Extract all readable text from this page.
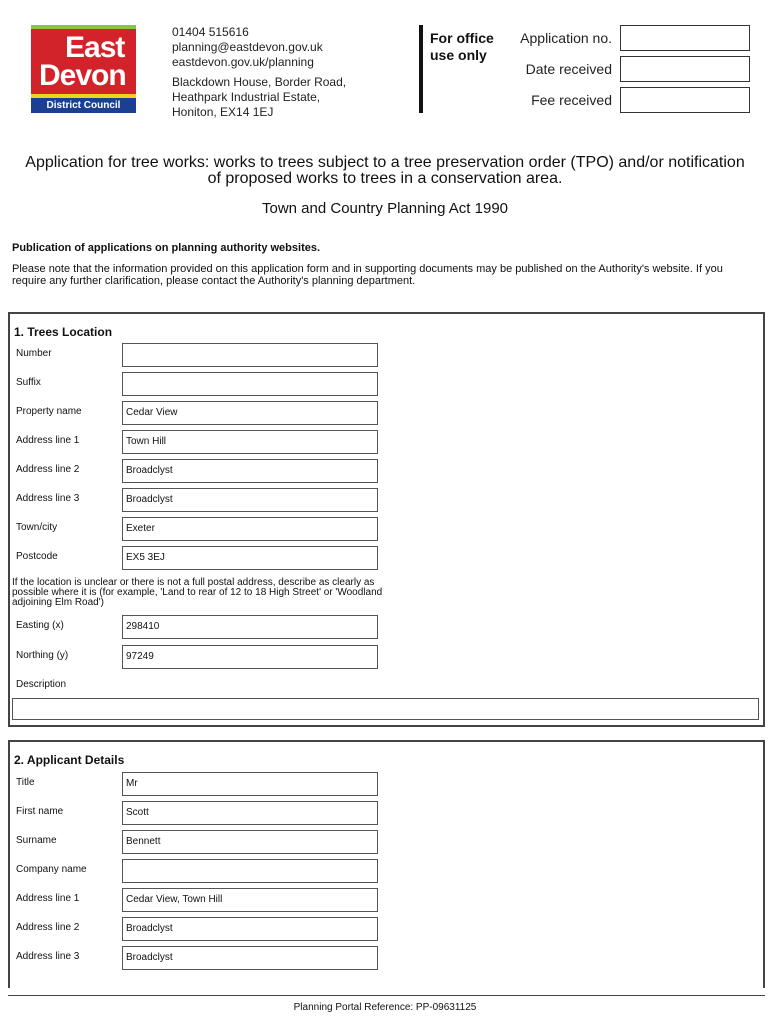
East
Devon
District Council
01404 515616
planning@eastdevon.gov.uk
eastdevon.gov.uk/planning
Blackdown House, Border Road,
Heathpark Industrial Estate,
Honiton, EX14 1EJ
For office
use only
Application no.
Date received
Fee received
Application for tree works: works to trees subject to a tree preservation order (TPO) and/or notification of proposed works to trees in a conservation area.
Town and Country Planning Act 1990
Publication of applications on planning authority websites.
Please note that the information provided on this application form and in supporting documents may be published on the Authority's website. If you require any further clarification, please contact the Authority's planning department.
1. Trees Location
Number
Suffix
Property name	Cedar View
Address line 1	Town Hill
Address line 2	Broadclyst
Address line 3	Broadclyst
Town/city	Exeter
Postcode	EX5 3EJ
If the location is unclear or there is not a full postal address, describe as clearly as possible where it is (for example, 'Land to rear of 12 to 18 High Street' or 'Woodland adjoining Elm Road')
Easting (x)	298410
Northing (y)	97249
Description
2. Applicant Details
Title	Mr
First name	Scott
Surname	Bennett
Company name
Address line 1	Cedar View, Town Hill
Address line 2	Broadclyst
Address line 3	Broadclyst
Planning Portal Reference: PP-09631125
